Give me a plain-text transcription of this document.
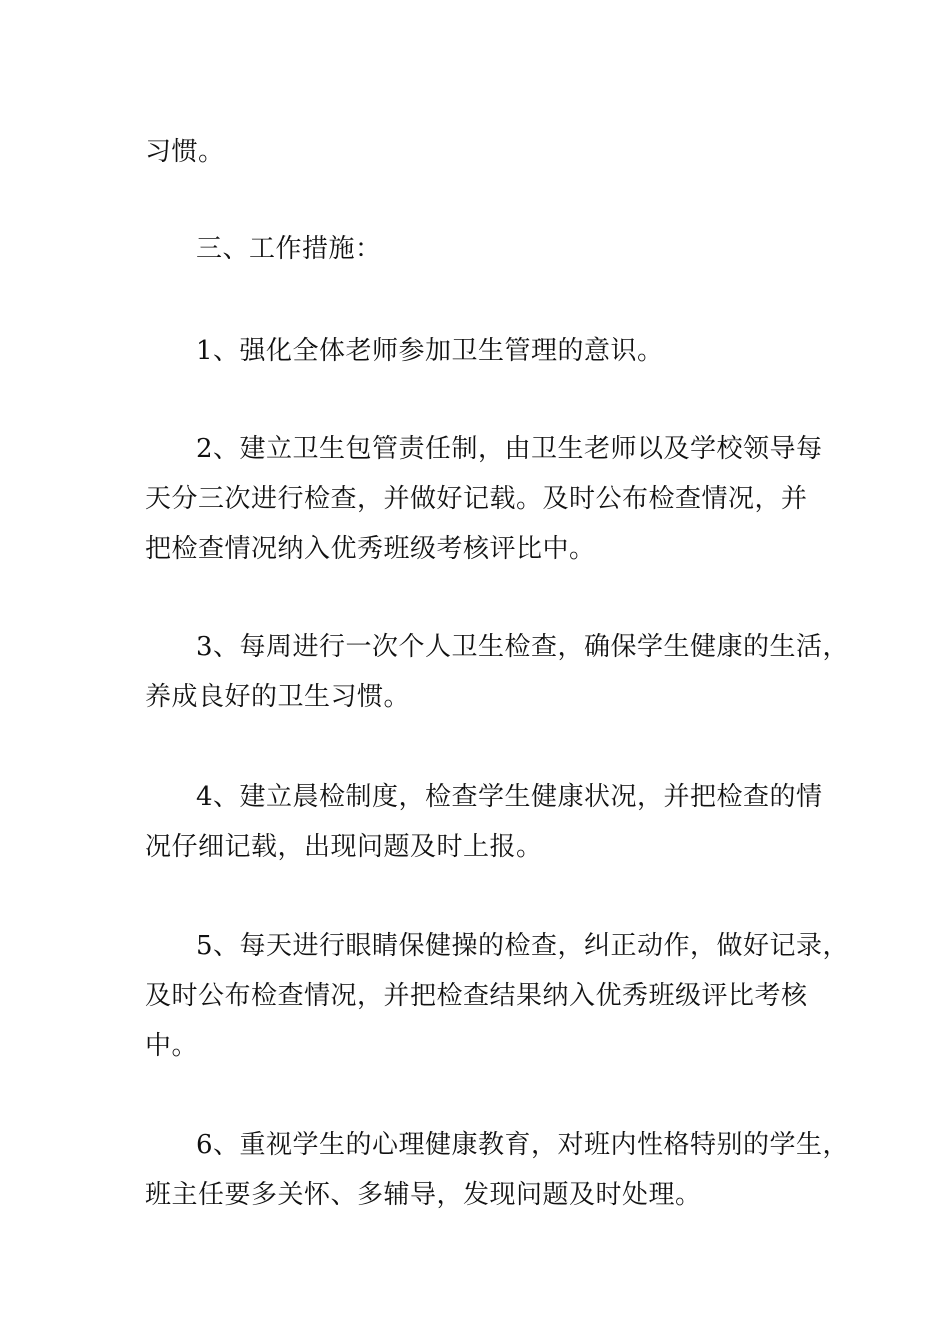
习惯。
三、工作措施：
1、强化全体老师参加卫生管理的意识。
2、建立卫生包管责任制，由卫生老师以及学校领导每
天分三次进行检查，并做好记载。及时公布检查情况，并
把检查情况纳入优秀班级考核评比中。
3、每周进行一次个人卫生检查，确保学生健康的生活，
养成良好的卫生习惯。
4、建立晨检制度，检查学生健康状况，并把检查的情
况仔细记载，出现问题及时上报。
5、每天进行眼睛保健操的检查，纠正动作，做好记录，
及时公布检查情况，并把检查结果纳入优秀班级评比考核
中。
6、重视学生的心理健康教育，对班内性格特别的学生，
班主任要多关怀、多辅导，发现问题及时处理。
